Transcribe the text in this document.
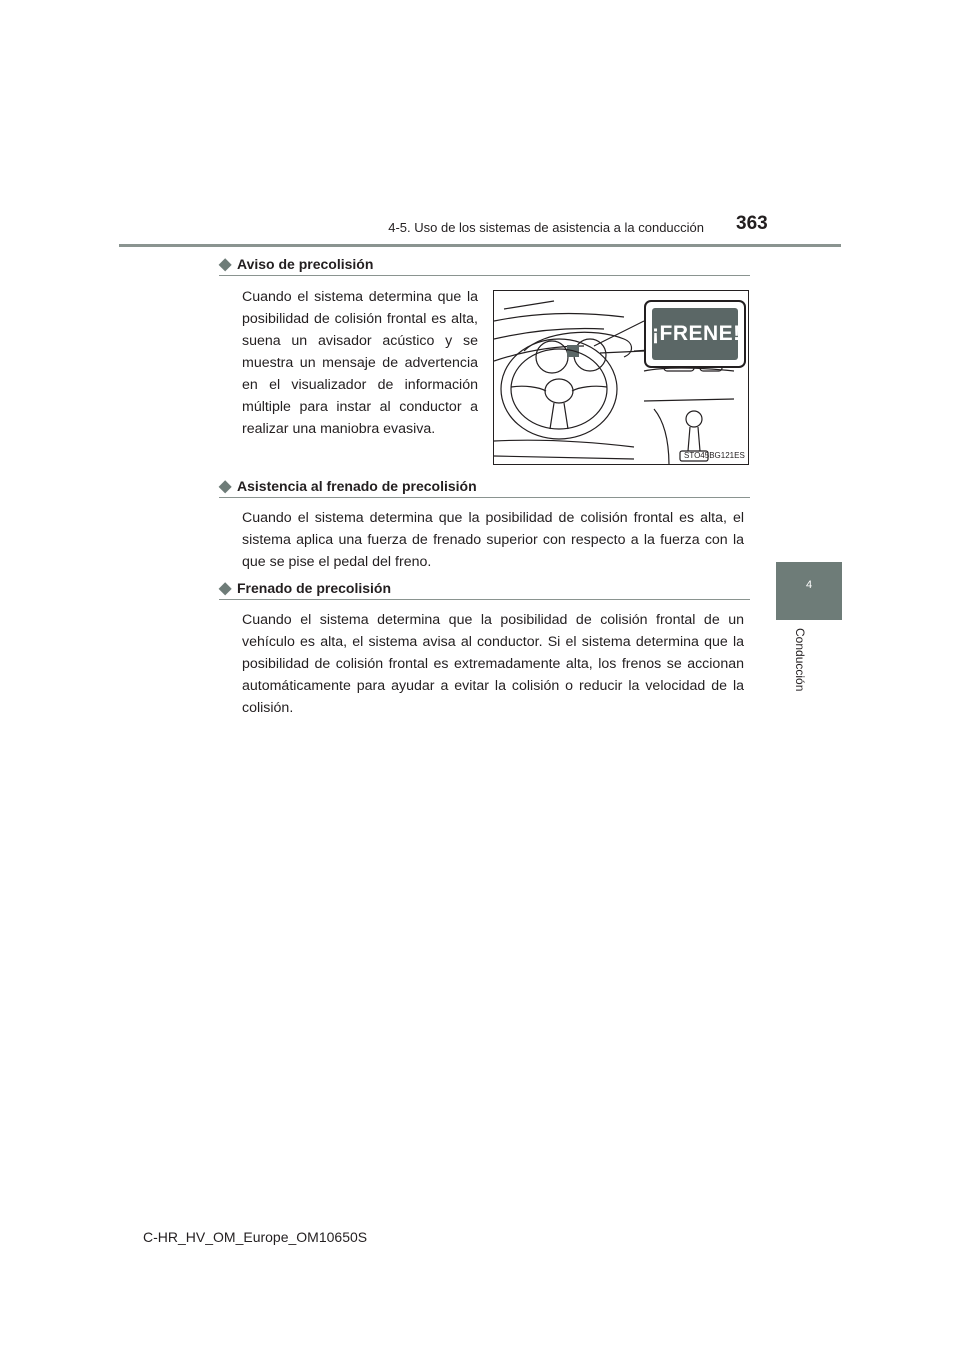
4-5. Uso de los sistemas de asistencia a la conducción 363
4
Conducción
◆ Aviso de precolisión
Cuando el sistema determina que la posibilidad de colisión frontal es alta, suena un avisador acústico y se muestra un mensaje de advertencia en el visualizador de información múltiple para instar al conductor a realizar una maniobra evasiva.
¡FRENE!
STO45BG121ES
◆ Asistencia al frenado de precolisión
Cuando el sistema determina que la posibilidad de colisión frontal es alta, el sistema aplica una fuerza de frenado superior con respecto a la fuerza con la que se pise el pedal del freno.
◆ Frenado de precolisión
Cuando el sistema determina que la posibilidad de colisión frontal de un vehículo es alta, el sistema avisa al conductor. Si el sistema determina que la posibilidad de colisión frontal es extremadamente alta, los frenos se accionan automáticamente para ayudar a evitar la colisión o reducir la velocidad de la colisión.
C-HR_HV_OM_Europe_OM10650S
